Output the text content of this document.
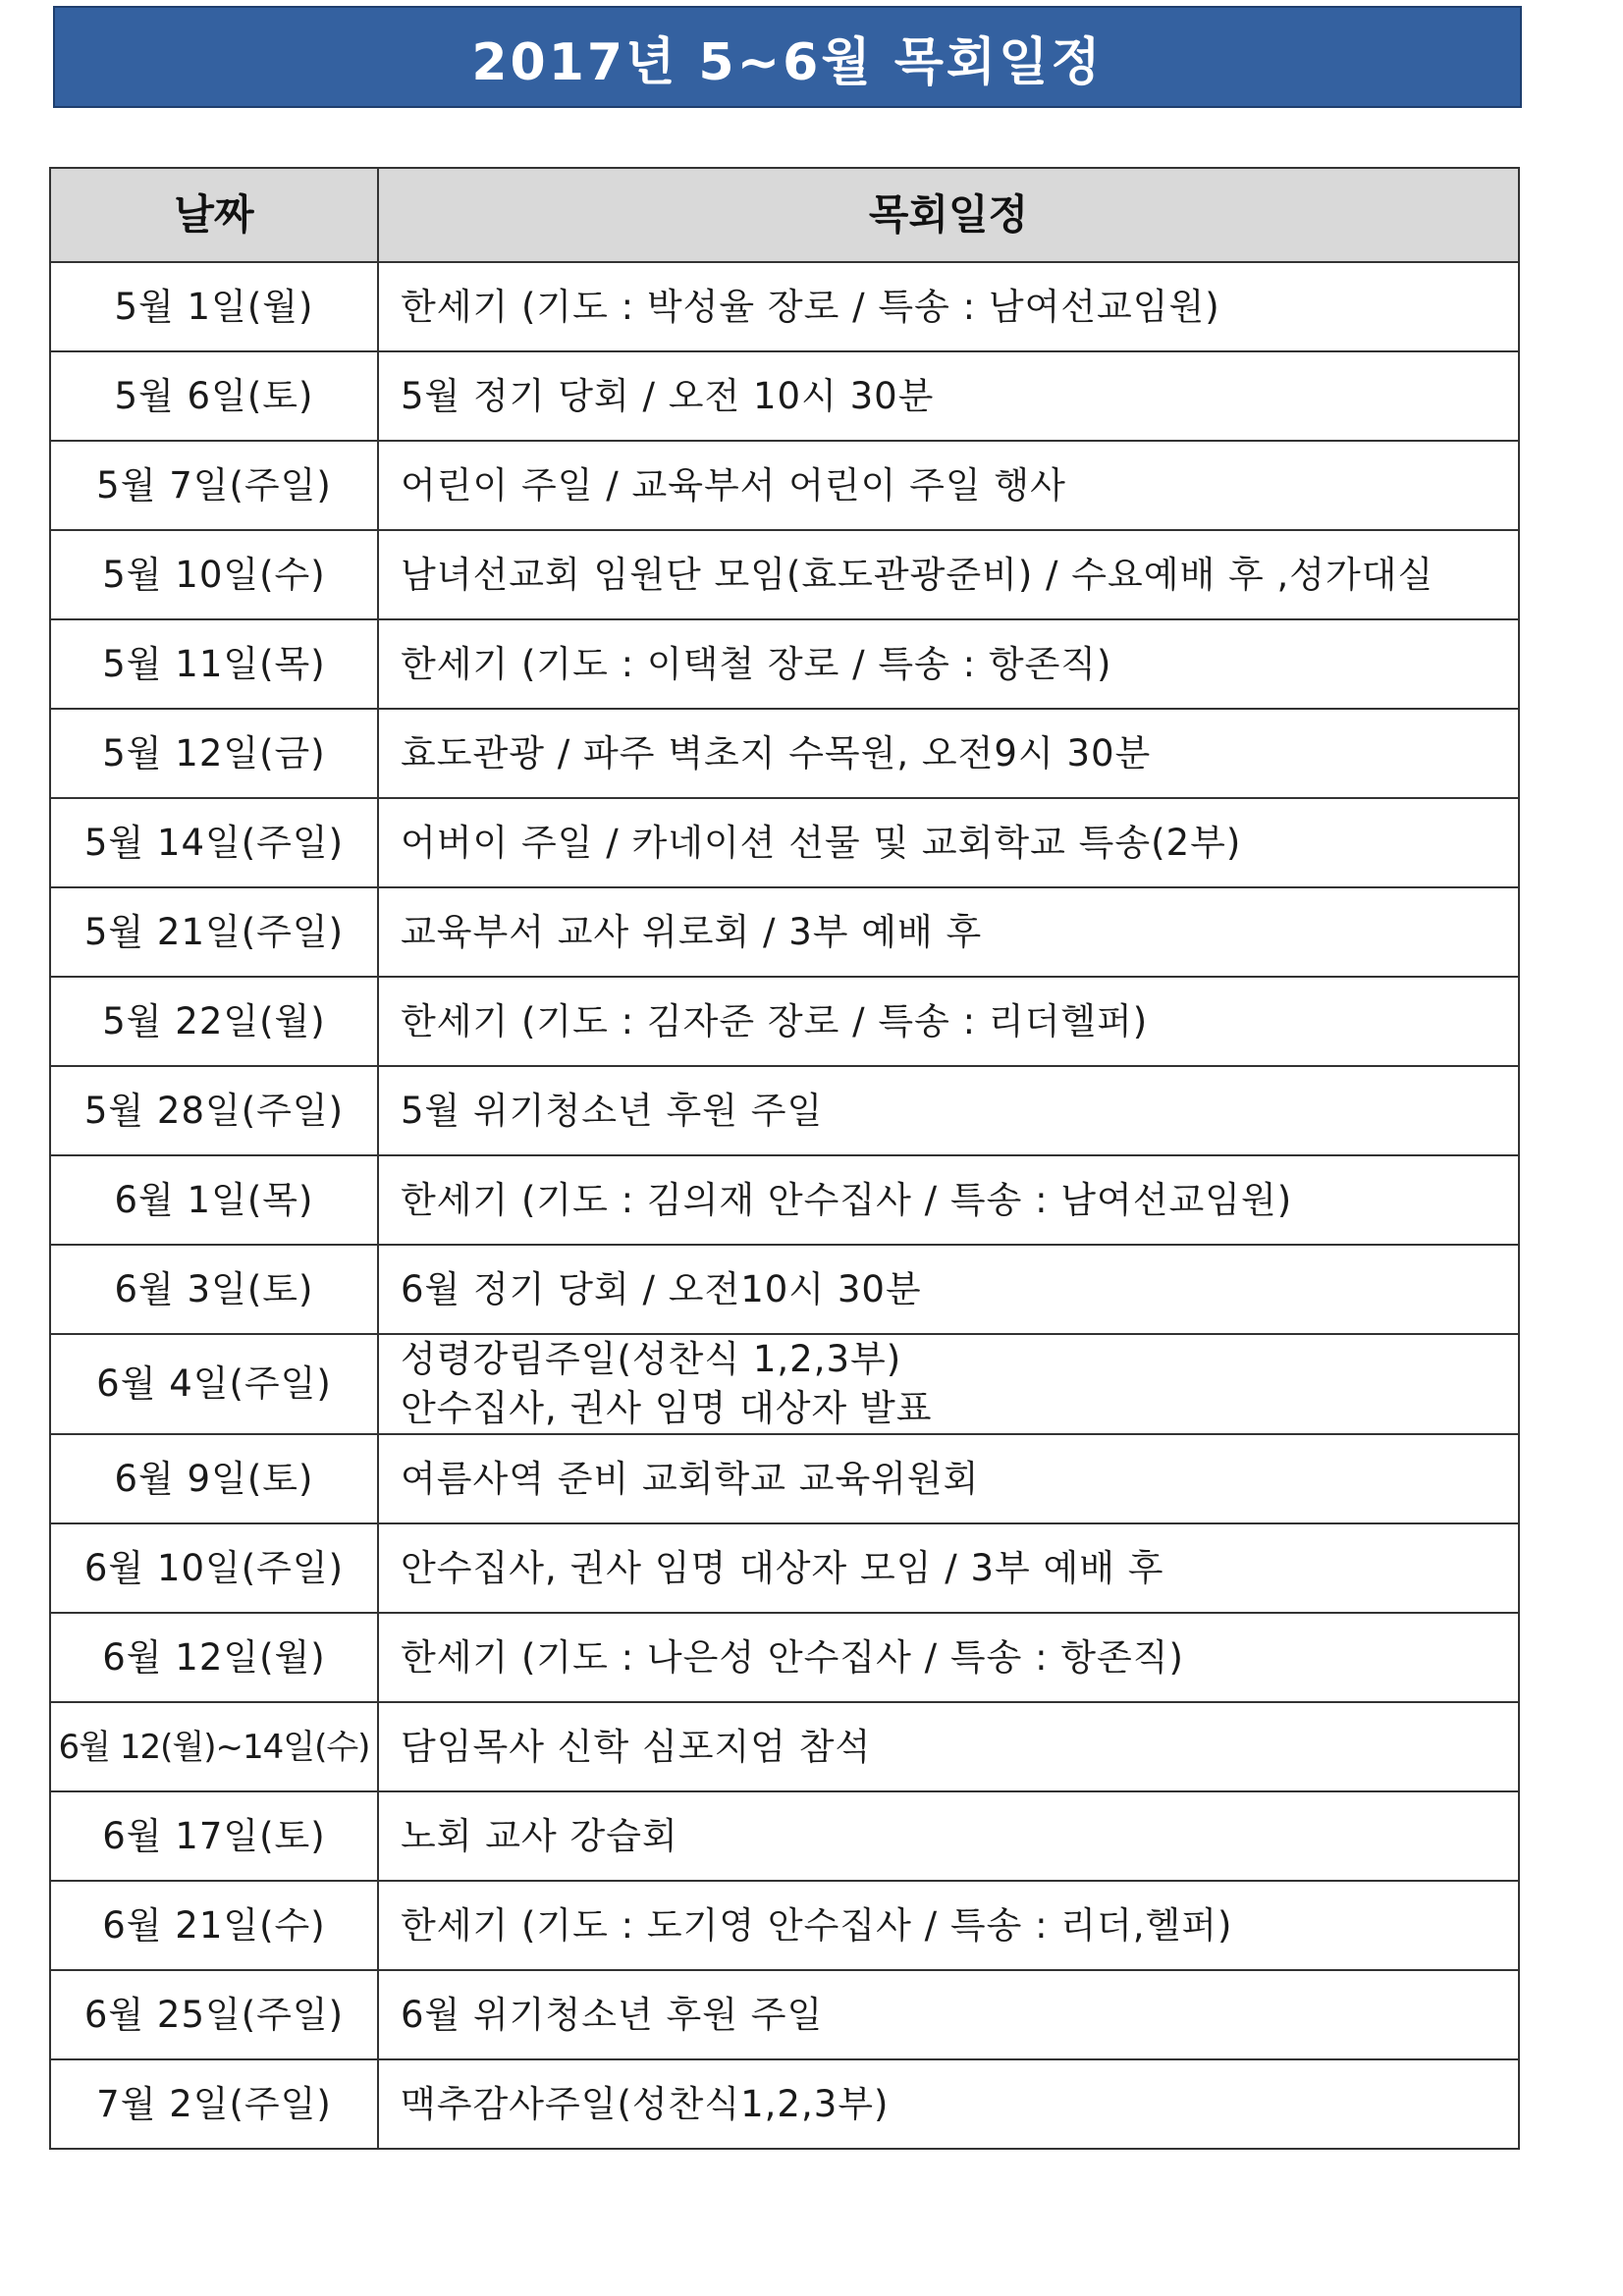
2017년 5~6월 목회일정
날짜	목회일정
5월 1일(월)	한세기 (기도 : 박성율 장로 / 특송 : 남여선교임원)

5월 6일(토)	5월 정기 당회 / 오전 10시 30분

5월 7일(주일)	어린이 주일 / 교육부서 어린이 주일 행사

5월 10일(수)	남녀선교회 임원단 모임(효도관광준비) / 수요예배 후 ,성가대실

5월 11일(목)	한세기 (기도 : 이택철 장로 / 특송 : 항존직)

5월 12일(금)	효도관광 / 파주 벽초지 수목원, 오전9시 30분

5월 14일(주일)	어버이 주일 / 카네이션 선물 및 교회학교 특송(2부)

5월 21일(주일)	교육부서 교사 위로회 / 3부 예배 후

5월 22일(월)	한세기 (기도 : 김자준 장로 / 특송 : 리더헬퍼)

5월 28일(주일)	5월 위기청소년 후원 주일

6월 1일(목)	한세기 (기도 : 김의재 안수집사 / 특송 : 남여선교임원)

6월 3일(토)	6월 정기 당회 / 오전10시 30분

6월 4일(주일)	성령강림주일(성찬식 1,2,3부)
안수집사, 권사 임명 대상자 발표

6월 9일(토)	여름사역 준비 교회학교 교육위원회

6월 10일(주일)	안수집사, 권사 임명 대상자 모임 / 3부 예배 후

6월 12일(월)	한세기 (기도 : 나은성 안수집사 / 특송 : 항존직)

6월 12(월)~14일(수)	담임목사 신학 심포지엄 참석

6월 17일(토)	노회 교사 강습회

6월 21일(수)	한세기 (기도 : 도기영 안수집사 / 특송 : 리더,헬퍼)

6월 25일(주일)	6월 위기청소년 후원 주일

7월 2일(주일)	맥추감사주일(성찬식1,2,3부)
